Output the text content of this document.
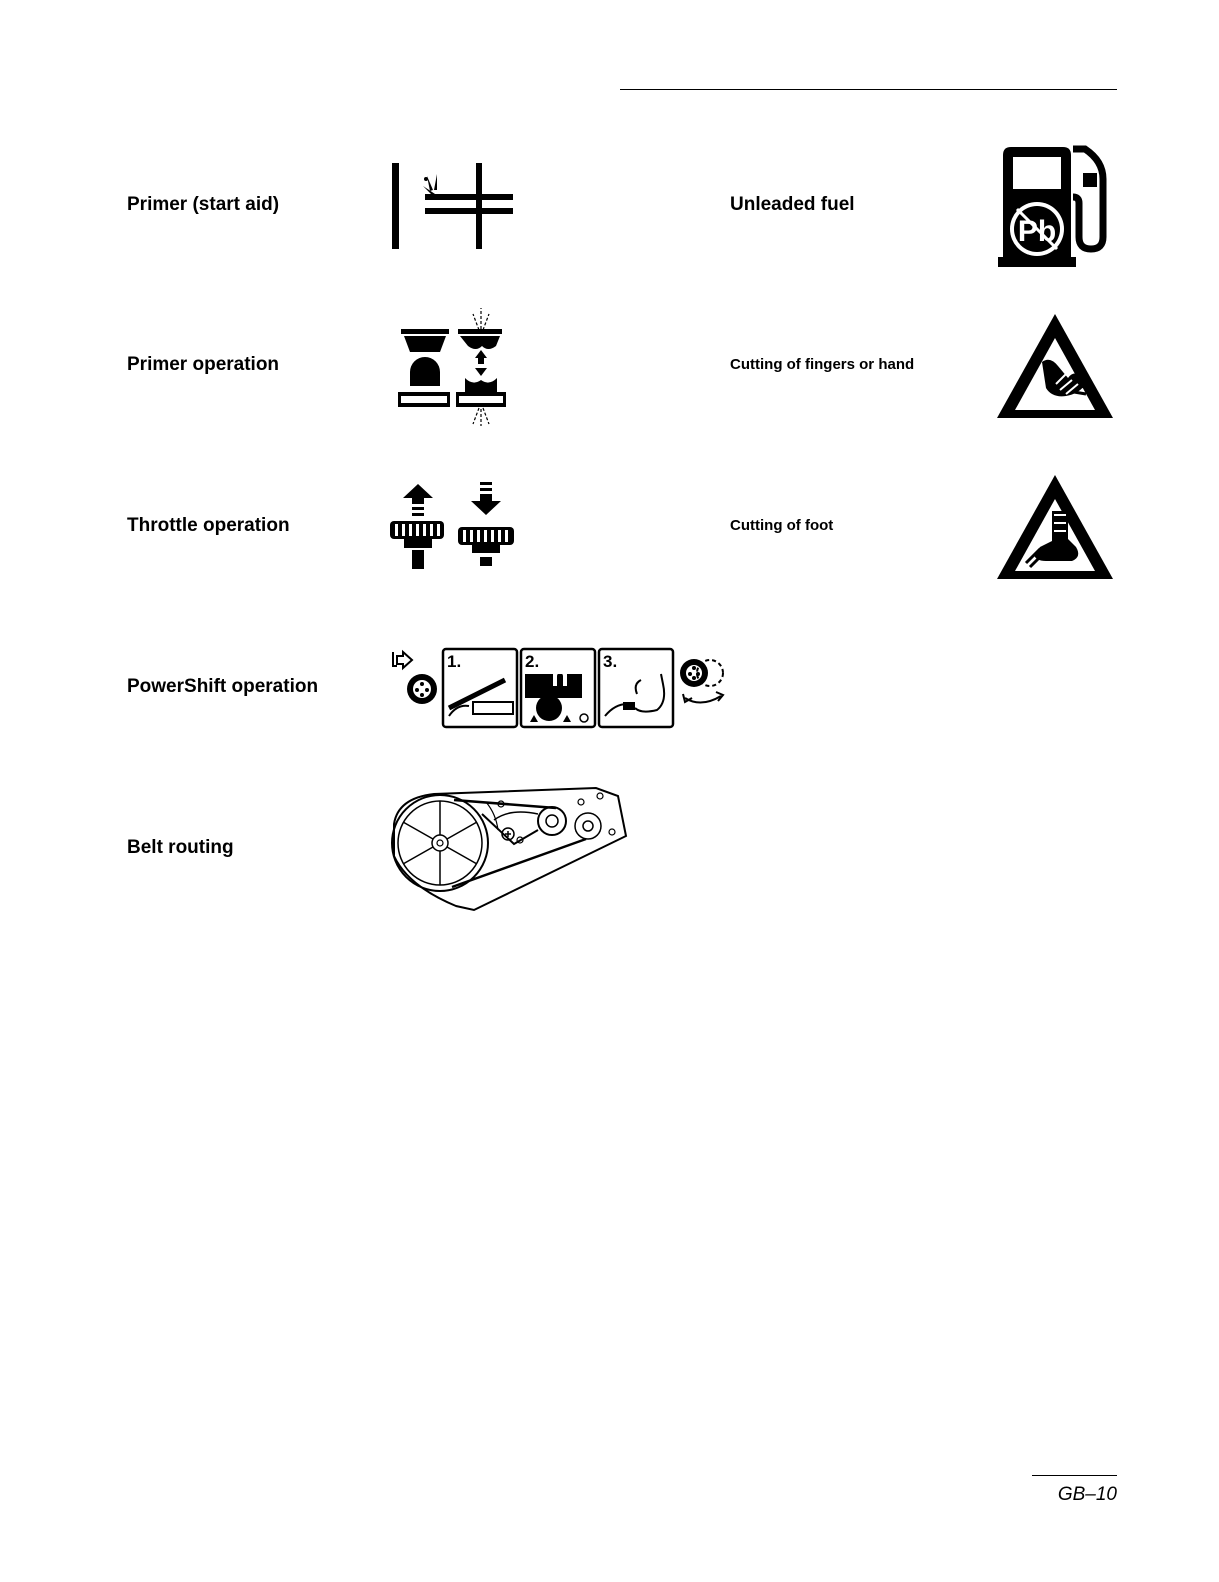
Primer (start aid)
Primer operation
Throttle operation
PowerShift operation
Belt routing
Unleaded fuel
Cutting of fingers or hand
Cutting of foot
1.	2.	3.
Pb
GB–10
